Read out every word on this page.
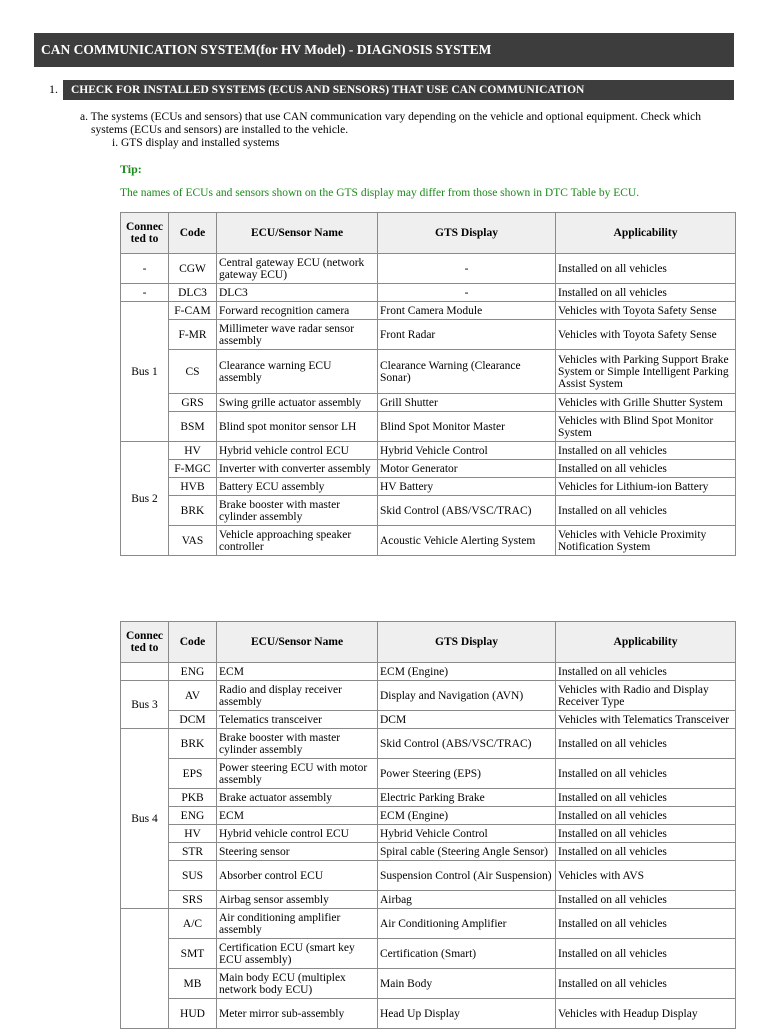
CAN COMMUNICATION SYSTEM(for HV Model) - DIAGNOSIS SYSTEM
1. CHECK FOR INSTALLED SYSTEMS (ECUS AND SENSORS) THAT USE CAN COMMUNICATION
a. The systems (ECUs and sensors) that use CAN communication vary depending on the vehicle and optional equipment. Check which
systems (ECUs and sensors) are installed to the vehicle.
i. GTS display and installed systems
Tip:
The names of ECUs and sensors shown on the GTS display may differ from those shown in DTC Table by ECU.
Connec ted to	Code	ECU/Sensor Name	GTS Display	Applicability
-	CGW	Central gateway ECU (network gateway ECU)	-	Installed on all vehicles
-	DLC3	DLC3	-	Installed on all vehicles
Bus 1	F-CAM	Forward recognition camera	Front Camera Module	Vehicles with Toyota Safety Sense
	F-MR	Millimeter wave radar sensor assembly	Front Radar	Vehicles with Toyota Safety Sense
	CS	Clearance warning ECU assembly	Clearance Warning (Clearance Sonar)	Vehicles with Parking Support Brake System or Simple Intelligent Parking Assist System
	GRS	Swing grille actuator assembly	Grill Shutter	Vehicles with Grille Shutter System
	BSM	Blind spot monitor sensor LH	Blind Spot Monitor Master	Vehicles with Blind Spot Monitor System
Bus 2	HV	Hybrid vehicle control ECU	Hybrid Vehicle Control	Installed on all vehicles
	F-MGC	Inverter with converter assembly	Motor Generator	Installed on all vehicles
	HVB	Battery ECU assembly	HV Battery	Vehicles for Lithium-ion Battery
	BRK	Brake booster with master cylinder assembly	Skid Control (ABS/VSC/TRAC)	Installed on all vehicles
	VAS	Vehicle approaching speaker controller	Acoustic Vehicle Alerting System	Vehicles with Vehicle Proximity Notification System
Connec ted to	Code	ECU/Sensor Name	GTS Display	Applicability
	ENG	ECM	ECM (Engine)	Installed on all vehicles
Bus 3	AV	Radio and display receiver assembly	Display and Navigation (AVN)	Vehicles with Radio and Display Receiver Type
	DCM	Telematics transceiver	DCM	Vehicles with Telematics Transceiver
Bus 4	BRK	Brake booster with master cylinder assembly	Skid Control (ABS/VSC/TRAC)	Installed on all vehicles
	EPS	Power steering ECU with motor assembly	Power Steering (EPS)	Installed on all vehicles
	PKB	Brake actuator assembly	Electric Parking Brake	Installed on all vehicles
	ENG	ECM	ECM (Engine)	Installed on all vehicles
	HV	Hybrid vehicle control ECU	Hybrid Vehicle Control	Installed on all vehicles
	STR	Steering sensor	Spiral cable (Steering Angle Sensor)	Installed on all vehicles
	SUS	Absorber control ECU	Suspension Control (Air Suspension)	Vehicles with AVS
	SRS	Airbag sensor assembly	Airbag	Installed on all vehicles
	A/C	Air conditioning amplifier assembly	Air Conditioning Amplifier	Installed on all vehicles
	SMT	Certification ECU (smart key ECU assembly)	Certification (Smart)	Installed on all vehicles
	MB	Main body ECU (multiplex network body ECU)	Main Body	Installed on all vehicles
	HUD	Meter mirror sub-assembly	Head Up Display	Vehicles with Headup Display
